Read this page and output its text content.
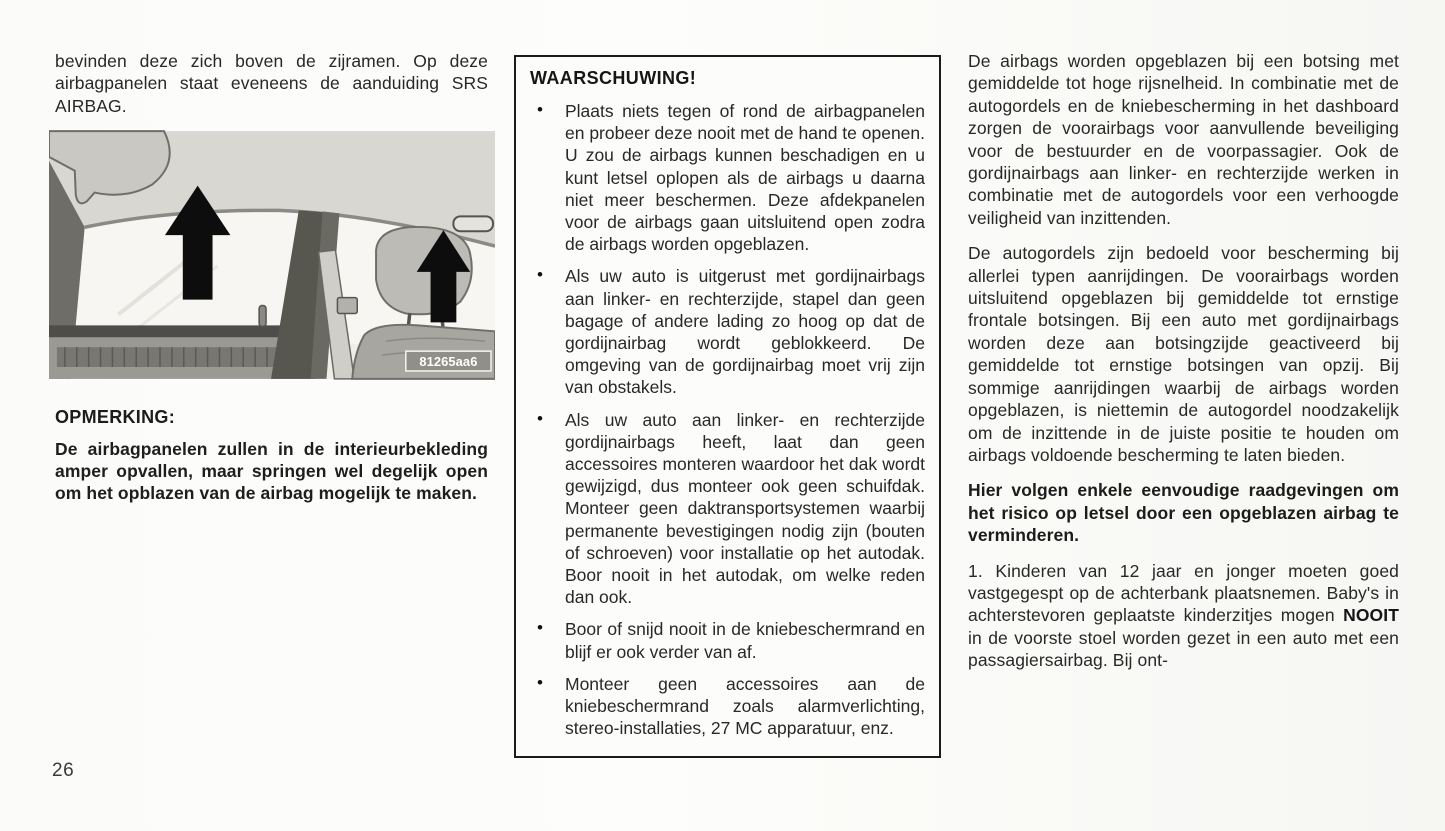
bevinden deze zich boven de zijramen. Op deze airbagpanelen staat eveneens de aanduiding SRS AIRBAG.

81265aa6
OPMERKING:

De airbagpanelen zullen in de interieurbekleding amper opvallen, maar springen wel degelijk open om het opblazen van de airbag mogelijk te maken.

WAARSCHUWING!
• Plaats niets tegen of rond de airbagpanelen en probeer deze nooit met de hand te openen. U zou de airbags kunnen beschadigen en u kunt letsel oplopen als de airbags u daarna niet meer beschermen. Deze afdekpanelen voor de airbags gaan uitsluitend open zodra de airbags worden opgeblazen.
• Als uw auto is uitgerust met gordijnairbags aan linker- en rechterzijde, stapel dan geen bagage of andere lading zo hoog op dat de gordijnairbag wordt geblokkeerd. De omgeving van de gordijnairbag moet vrij zijn van obstakels.
• Als uw auto aan linker- en rechterzijde gordijnairbags heeft, laat dan geen accessoires monteren waardoor het dak wordt gewijzigd, dus monteer ook geen schuifdak. Monteer geen daktransportsystemen waarbij permanente bevestigingen nodig zijn (bouten of schroeven) voor installatie op het autodak. Boor nooit in het autodak, om welke reden dan ook.
• Boor of snijd nooit in de kniebeschermrand en blijf er ook verder van af.
• Monteer geen accessoires aan de kniebeschermrand zoals alarmverlichting, stereo-installaties, 27 MC apparatuur, enz.

De airbags worden opgeblazen bij een botsing met gemiddelde tot hoge rijsnelheid. In combinatie met de autogordels en de kniebescherming in het dashboard zorgen de voorairbags voor aanvullende beveiliging voor de bestuurder en de voorpassagier. Ook de gordijnairbags aan linker- en rechterzijde werken in combinatie met de autogordels voor een verhoogde veiligheid van inzittenden.

De autogordels zijn bedoeld voor bescherming bij allerlei typen aanrijdingen. De voorairbags worden uitsluitend opgeblazen bij gemiddelde tot ernstige frontale botsingen. Bij een auto met gordijnairbags worden deze aan botsingzijde geactiveerd bij gemiddelde tot ernstige botsingen van opzij. Bij sommige aanrijdingen waarbij de airbags worden opgeblazen, is niettemin de autogordel noodzakelijk om de inzittende in de juiste positie te houden om airbags voldoende bescherming te laten bieden.

Hier volgen enkele eenvoudige raadgevingen om het risico op letsel door een opgeblazen airbag te verminderen.

1. Kinderen van 12 jaar en jonger moeten goed vastgegespt op de achterbank plaatsnemen. Baby's in achterstevoren geplaatste kinderzitjes mogen NOOIT in de voorste stoel worden gezet in een auto met een passagiersairbag. Bij ont-

26
